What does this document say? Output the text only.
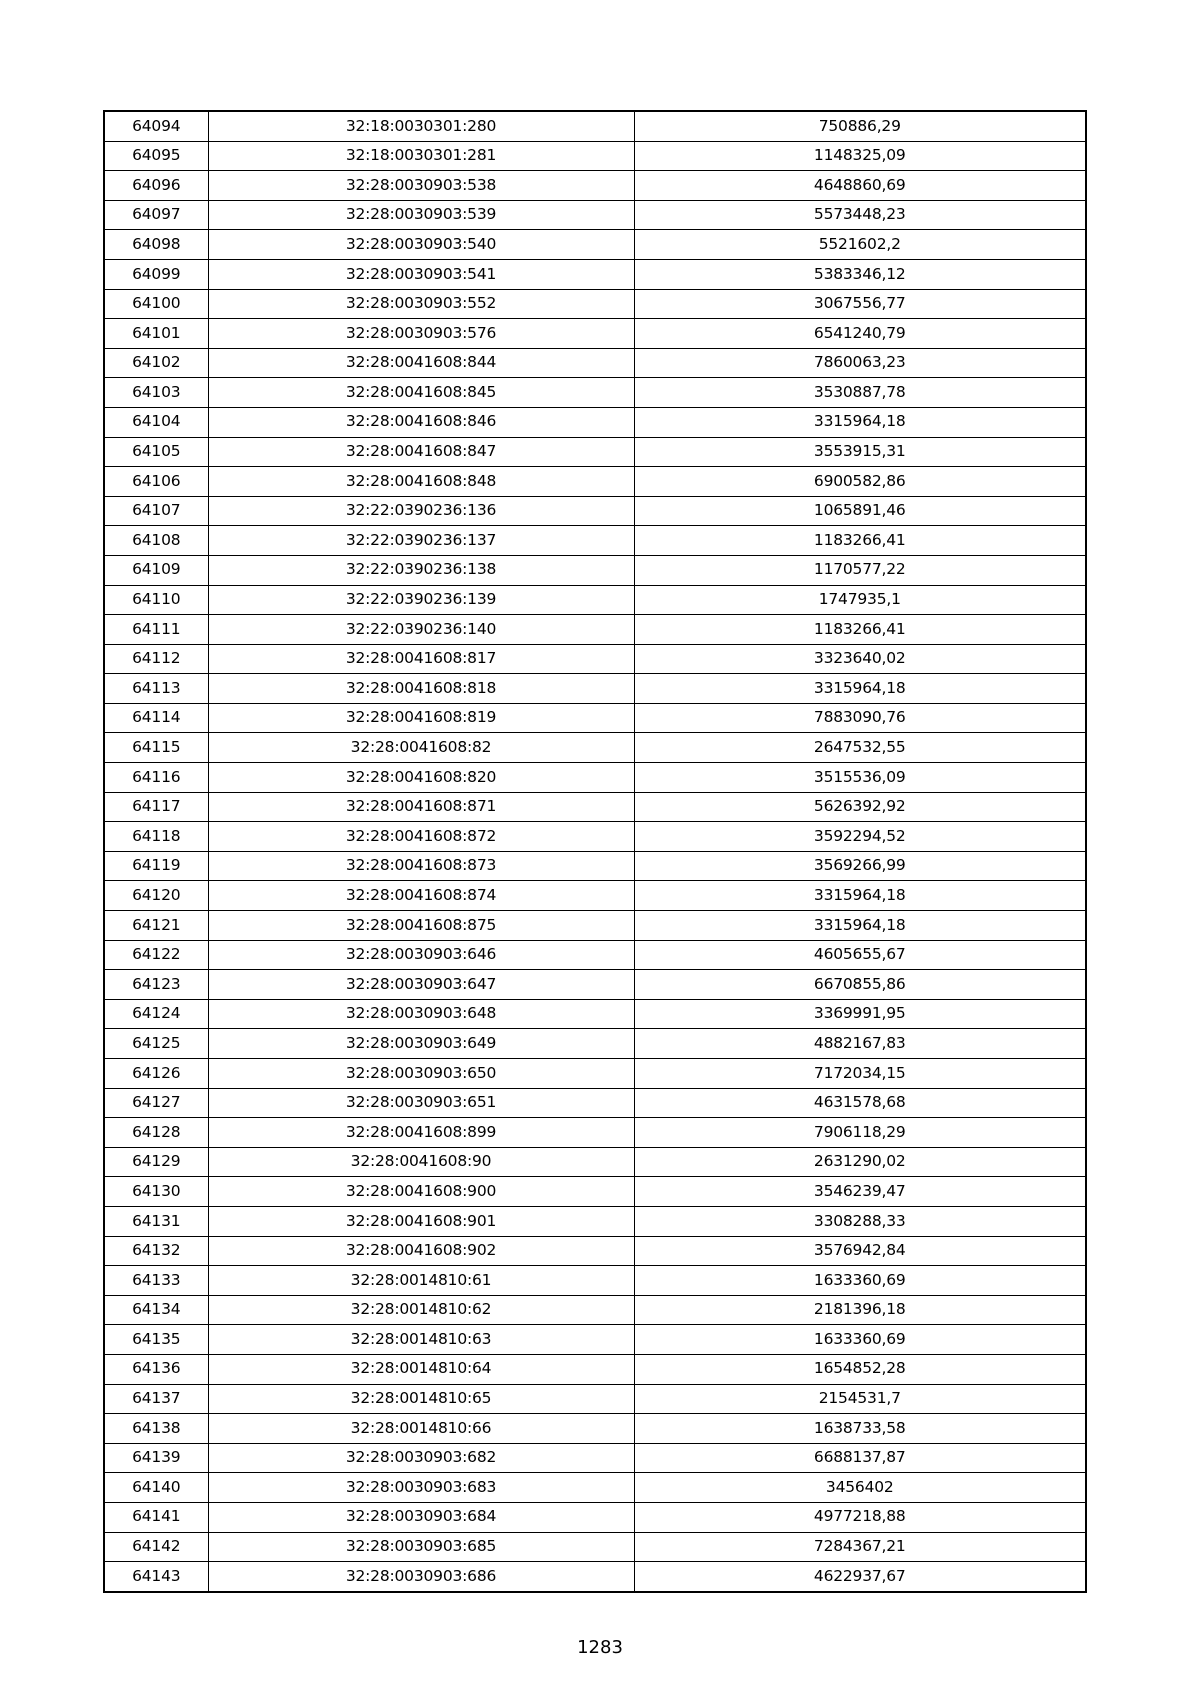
64094	32:18:0030301:280	750886,29
64095	32:18:0030301:281	1148325,09
64096	32:28:0030903:538	4648860,69
64097	32:28:0030903:539	5573448,23
64098	32:28:0030903:540	5521602,2
64099	32:28:0030903:541	5383346,12
64100	32:28:0030903:552	3067556,77
64101	32:28:0030903:576	6541240,79
64102	32:28:0041608:844	7860063,23
64103	32:28:0041608:845	3530887,78
64104	32:28:0041608:846	3315964,18
64105	32:28:0041608:847	3553915,31
64106	32:28:0041608:848	6900582,86
64107	32:22:0390236:136	1065891,46
64108	32:22:0390236:137	1183266,41
64109	32:22:0390236:138	1170577,22
64110	32:22:0390236:139	1747935,1
64111	32:22:0390236:140	1183266,41
64112	32:28:0041608:817	3323640,02
64113	32:28:0041608:818	3315964,18
64114	32:28:0041608:819	7883090,76
64115	32:28:0041608:82	2647532,55
64116	32:28:0041608:820	3515536,09
64117	32:28:0041608:871	5626392,92
64118	32:28:0041608:872	3592294,52
64119	32:28:0041608:873	3569266,99
64120	32:28:0041608:874	3315964,18
64121	32:28:0041608:875	3315964,18
64122	32:28:0030903:646	4605655,67
64123	32:28:0030903:647	6670855,86
64124	32:28:0030903:648	3369991,95
64125	32:28:0030903:649	4882167,83
64126	32:28:0030903:650	7172034,15
64127	32:28:0030903:651	4631578,68
64128	32:28:0041608:899	7906118,29
64129	32:28:0041608:90	2631290,02
64130	32:28:0041608:900	3546239,47
64131	32:28:0041608:901	3308288,33
64132	32:28:0041608:902	3576942,84
64133	32:28:0014810:61	1633360,69
64134	32:28:0014810:62	2181396,18
64135	32:28:0014810:63	1633360,69
64136	32:28:0014810:64	1654852,28
64137	32:28:0014810:65	2154531,7
64138	32:28:0014810:66	1638733,58
64139	32:28:0030903:682	6688137,87
64140	32:28:0030903:683	3456402
64141	32:28:0030903:684	4977218,88
64142	32:28:0030903:685	7284367,21
64143	32:28:0030903:686	4622937,67
1283
